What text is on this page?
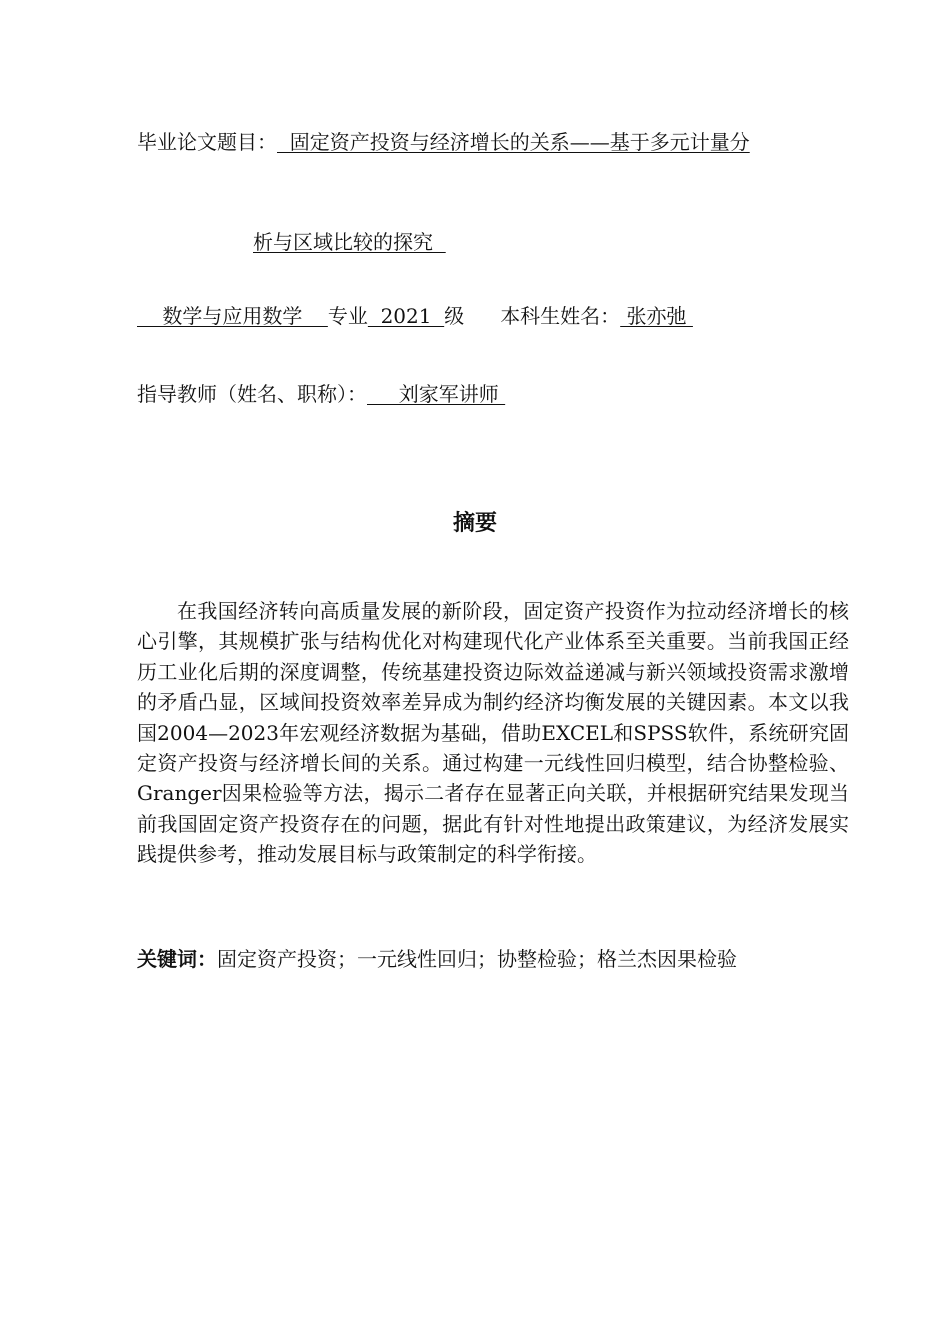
毕业论文题目：  固定资产投资与经济增长的关系——基于多元计量分
析与区域比较的探究
数学与应用数学    专业  2021  级 本科生姓名： 张亦弛
指导教师（姓名、职称）：     刘家军讲师
摘要

在我国经济转向高质量发展的新阶段，固定资产投资作为拉动经济增长的核心引擎，其规模扩张与结构优化对构建现代化产业体系至关重要。当前我国正经历工业化后期的深度调整，传统基建投资边际效益递减与新兴领域投资需求激增的矛盾凸显，区域间投资效率差异成为制约经济均衡发展的关键因素。本文以我国2004—2023年宏观经济数据为基础，借助EXCEL和SPSS软件，系统研究固定资产投资与经济增长间的关系。通过构建一元线性回归模型，结合协整检验、Granger因果检验等方法，揭示二者存在显著正向关联，并根据研究结果发现当前我国固定资产投资存在的问题，据此有针对性地提出政策建议，为经济发展实践提供参考，推动发展目标与政策制定的科学衔接。

关键词：固定资产投资；一元线性回归；协整检验；格兰杰因果检验
